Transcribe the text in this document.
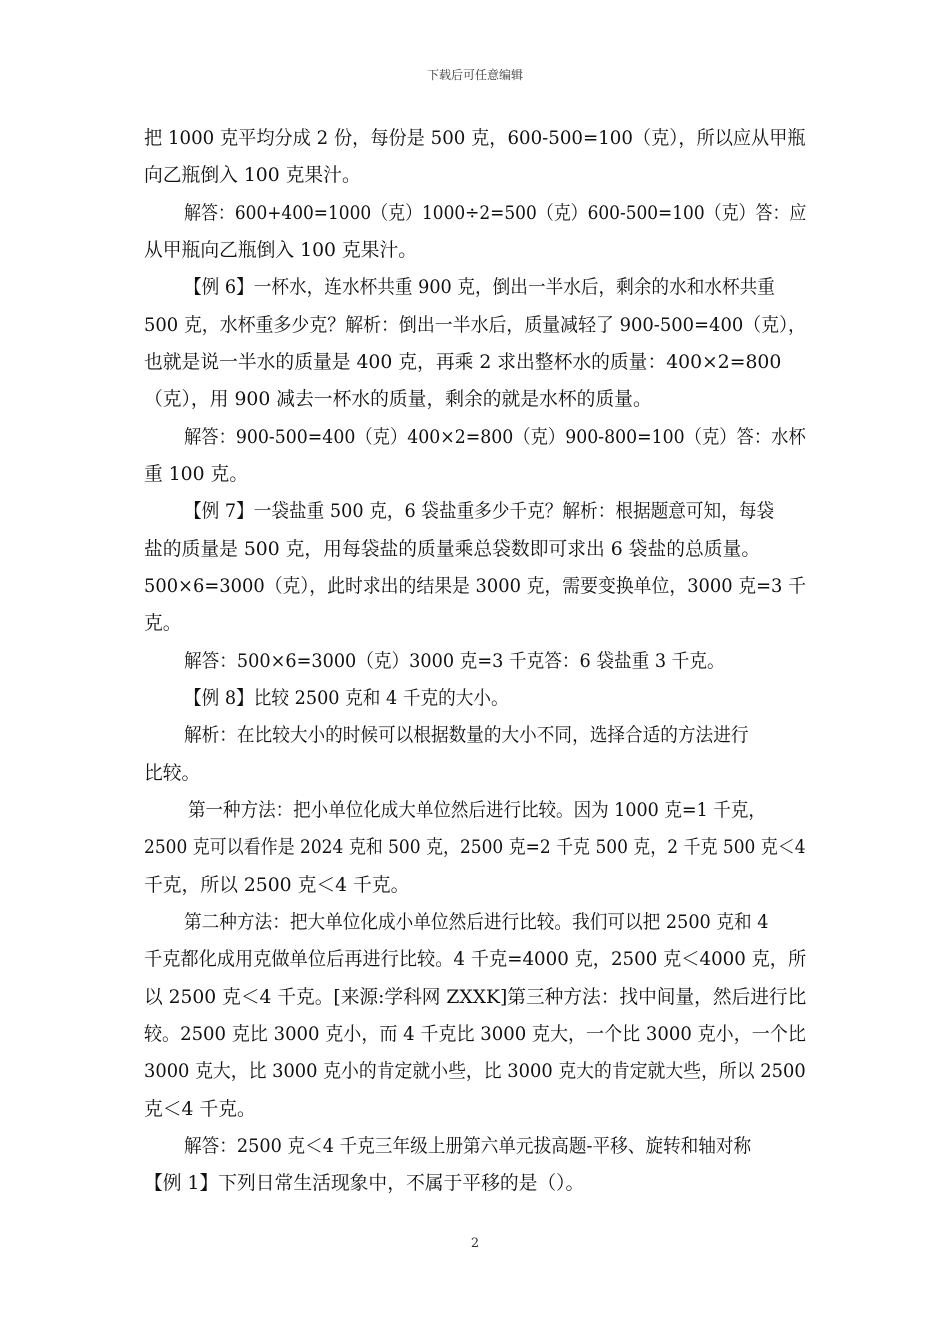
下载后可任意编辑
把 1000 克平均分成 2 份，每份是 500 克，600-500=100（克），所以应从甲瓶
向乙瓶倒入 100 克果汁。
解答：600+400=1000（克）1000÷2=500（克）600-500=100（克）答：应
从甲瓶向乙瓶倒入 100 克果汁。
【例 6】一杯水，连水杯共重 900 克，倒出一半水后，剩余的水和水杯共重
500 克，水杯重多少克？解析：倒出一半水后，质量减轻了 900-500=400（克），
也就是说一半水的质量是 400 克，再乘 2 求出整杯水的质量：400×2=800
（克），用 900 减去一杯水的质量，剩余的就是水杯的质量。
解答：900-500=400（克）400×2=800（克）900-800=100（克）答：水杯
重 100 克。
【例 7】一袋盐重 500 克，6 袋盐重多少千克？解析：根据题意可知，每袋
盐的质量是 500 克，用每袋盐的质量乘总袋数即可求出 6 袋盐的总质量。
500×6=3000（克），此时求出的结果是 3000 克，需要变换单位，3000 克=3 千
克。
解答：500×6=3000（克）3000 克=3 千克答：6 袋盐重 3 千克。
【例 8】比较 2500 克和 4 千克的大小。
解析：在比较大小的时候可以根据数量的大小不同，选择合适的方法进行
比较。
第一种方法：把小单位化成大单位然后进行比较。因为 1000 克=1 千克，
2500 克可以看作是 2024 克和 500 克，2500 克=2 千克 500 克，2 千克 500 克＜4
千克，所以 2500 克＜4 千克。
第二种方法：把大单位化成小单位然后进行比较。我们可以把 2500 克和 4
千克都化成用克做单位后再进行比较。4 千克=4000 克，2500 克＜4000 克，所
以 2500 克＜4 千克。[来源:学科网 ZXXK]第三种方法：找中间量，然后进行比
较。2500 克比 3000 克小，而 4 千克比 3000 克大，一个比 3000 克小，一个比
3000 克大，比 3000 克小的肯定就小些，比 3000 克大的肯定就大些，所以 2500
克＜4 千克。
解答：2500 克＜4 千克三年级上册第六单元拔高题-平移、旋转和轴对称
【例 1】下列日常生活现象中，不属于平移的是（）。
2
